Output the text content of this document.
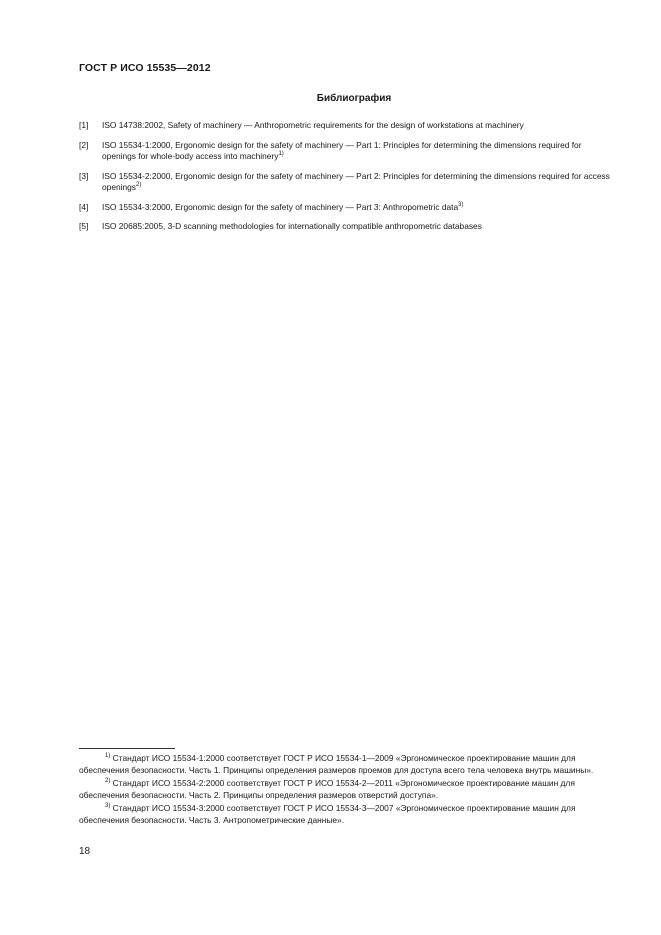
ГОСТ Р ИСО 15535—2012
Библиография
[1]	ISO 14738:2002, Safety of machinery — Anthropometric requirements for the design of workstations at machinery
[2]	ISO 15534-1:2000, Ergonomic design for the safety of machinery — Part 1: Principles for determining the dimensions required for openings for whole-body access into machinery$^{1)}$
[3]	ISO 15534-2:2000, Ergonomic design for the safety of machinery — Part 2: Principles for determining the dimensions required for access openings$^{2)}$
[4]	ISO 15534-3:2000, Ergonomic design for the safety of machinery — Part 3: Anthropometric data$^{3)}$
[5]	ISO 20685:2005, 3-D scanning methodologies for internationally compatible anthropometric databases
$^{1)}$ Стандарт ИСО 15534-1:2000 соответствует ГОСТ Р ИСО 15534-1—2009 «Эргономическое проектирование машин для обеспечения безопасности. Часть 1. Принципы определения размеров проемов для доступа всего тела человека внутрь машины».
$^{2)}$ Стандарт ИСО 15534-2:2000 соответствует ГОСТ Р ИСО 15534-2—2011 «Эргономическое проектирование машин для обеспечения безопасности. Часть 2. Принципы определения размеров отверстий доступа».
$^{3)}$ Стандарт ИСО 15534-3:2000 соответствует ГОСТ Р ИСО 15534-3—2007 «Эргономическое проектирование машин для обеспечения безопасности. Часть 3. Антропометрические данные».
18
